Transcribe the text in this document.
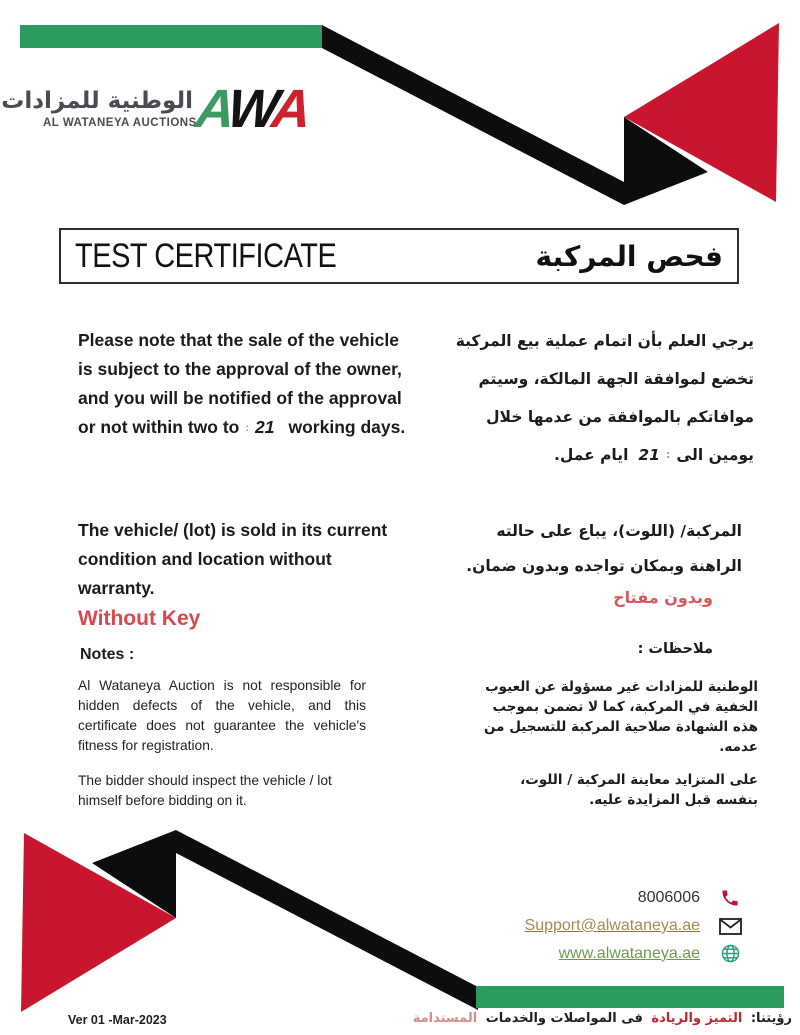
الوطنية للمزادات
AL WATANEYA AUCTIONS
AWA
TEST CERTIFICATE	فحص المركبة
Please note that the sale of the vehicle is subject to the approval of the owner, and you will be notified of the approval or not within two to : 21 working days.
يرجي العلم بأن اتمام عملية بيع المركبة تخضع لموافقة الجهة المالكة، وسيتم موافاتكم بالموافقة من عدمها خلال يومين الى:21ايام عمل.
The vehicle/ (lot) is sold in its current condition and location without warranty.
المركبة/ (اللوت)، يباع على حالته الراهنة وبمكان تواجده وبدون ضمان.
Without Key
وبدون مفتاح
Notes :	ملاحظات :
Al Wataneya Auction is not responsible for hidden defects of the vehicle, and this certificate does not guarantee the vehicle's fitness for registration.
The bidder should inspect the vehicle / lot himself before bidding on it.
الوطنية للمزادات غير مسؤولة عن العيوب الخفية في المركبة، كما لا تضمن بموجب هذه الشهادة صلاحية المركبة للتسجيل من عدمه.
على المتزايد معاينة المركبة / اللوت، بنفسه قبل المزايدة عليه.
8006006
Support@alwataneya.ae
www.alwataneya.ae
Ver 01 -Mar-2023	رؤيتنا: التميز والريادة فى المواصلات والخدمات المستدامة
